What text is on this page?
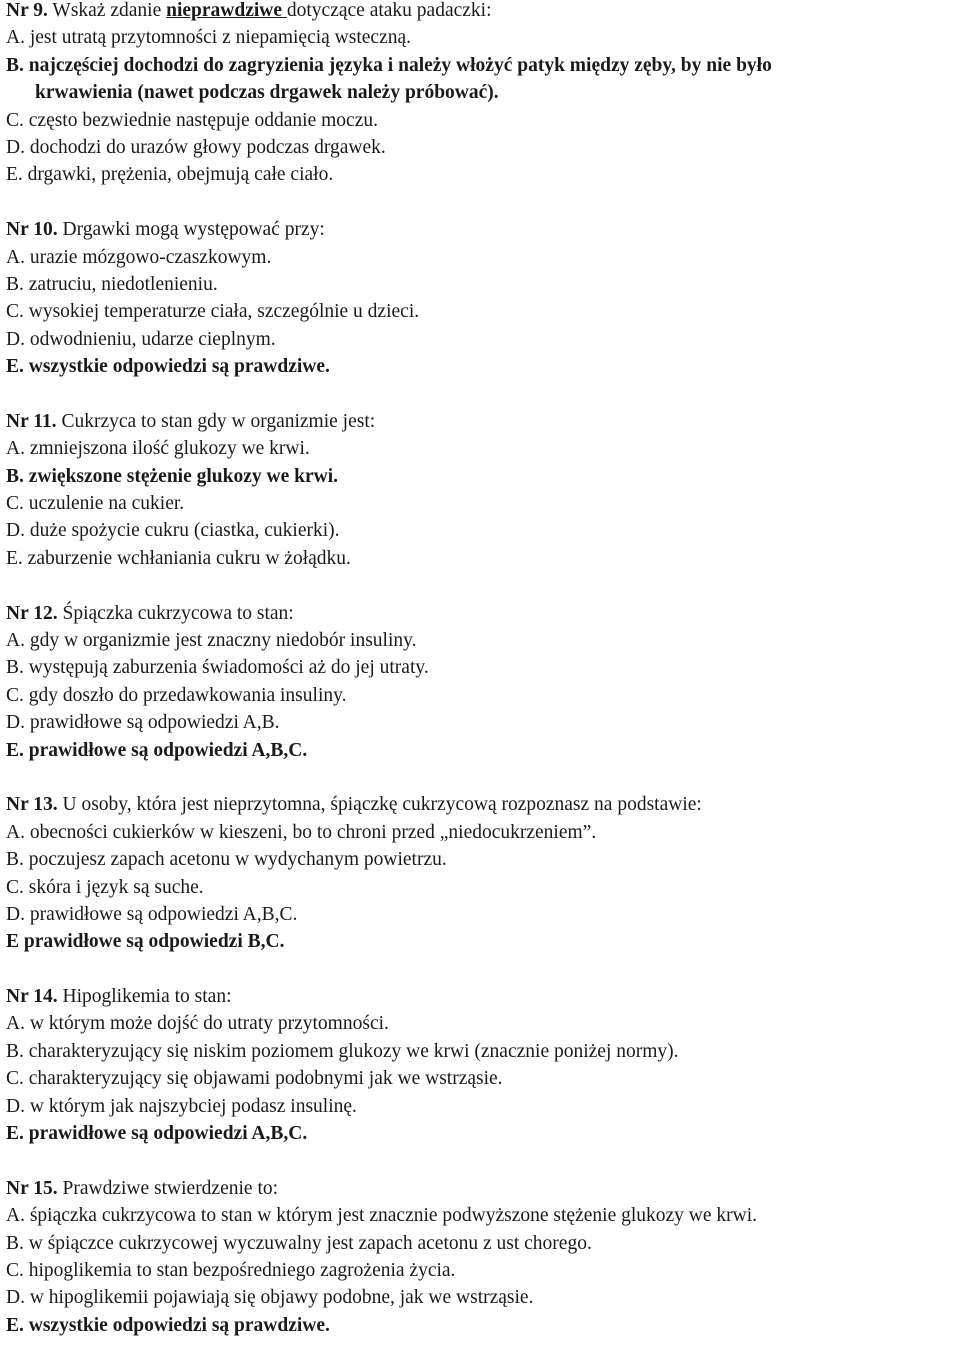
Nr 9. Wskaż zdanie nieprawdziwe dotyczące ataku padaczki:
A. jest utratą przytomności z niepamięcią wsteczną.
B. najczęściej dochodzi do zagryzienia języka i należy włożyć patyk między zęby, by nie było
krwawienia (nawet podczas drgawek należy próbować).
C. często bezwiednie następuje oddanie moczu.
D. dochodzi do urazów głowy podczas drgawek.
E. drgawki, prężenia, obejmują całe ciało.
Nr 10. Drgawki mogą występować przy:
A. urazie mózgowo-czaszkowym.
B. zatruciu, niedotlenieniu.
C. wysokiej temperaturze ciała, szczególnie u dzieci.
D. odwodnieniu, udarze cieplnym.
E. wszystkie odpowiedzi są prawdziwe.
Nr 11. Cukrzyca to stan gdy w organizmie jest:
A. zmniejszona ilość glukozy we krwi.
B. zwiększone stężenie glukozy we krwi.
C. uczulenie na cukier.
D. duże spożycie cukru (ciastka, cukierki).
E. zaburzenie wchłaniania cukru w żołądku.
Nr 12. Śpiączka cukrzycowa to stan:
A. gdy w organizmie jest znaczny niedobór insuliny.
B. występują zaburzenia świadomości aż do jej utraty.
C. gdy doszło do przedawkowania insuliny.
D. prawidłowe są odpowiedzi A,B.
E. prawidłowe są odpowiedzi A,B,C.
Nr 13. U osoby, która jest nieprzytomna, śpiączkę cukrzycową rozpoznasz na podstawie:
A. obecności cukierków w kieszeni, bo to chroni przed „niedocukrzeniem”.
B. poczujesz zapach acetonu w wydychanym powietrzu.
C. skóra i język są suche.
D. prawidłowe są odpowiedzi A,B,C.
E prawidłowe są odpowiedzi B,C.
Nr 14. Hipoglikemia to stan:
A. w którym może dojść do utraty przytomności.
B. charakteryzujący się niskim poziomem glukozy we krwi (znacznie poniżej normy).
C. charakteryzujący się objawami podobnymi jak we wstrząsie.
D. w którym jak najszybciej podasz insulinę.
E. prawidłowe są odpowiedzi A,B,C.
Nr 15. Prawdziwe stwierdzenie to:
A. śpiączka cukrzycowa to stan w którym jest znacznie podwyższone stężenie glukozy we krwi.
B. w śpiączce cukrzycowej wyczuwalny jest zapach acetonu z ust chorego.
C. hipoglikemia to stan bezpośredniego zagrożenia życia.
D. w hipoglikemii pojawiają się objawy podobne, jak we wstrząsie.
E. wszystkie odpowiedzi są prawdziwe.
